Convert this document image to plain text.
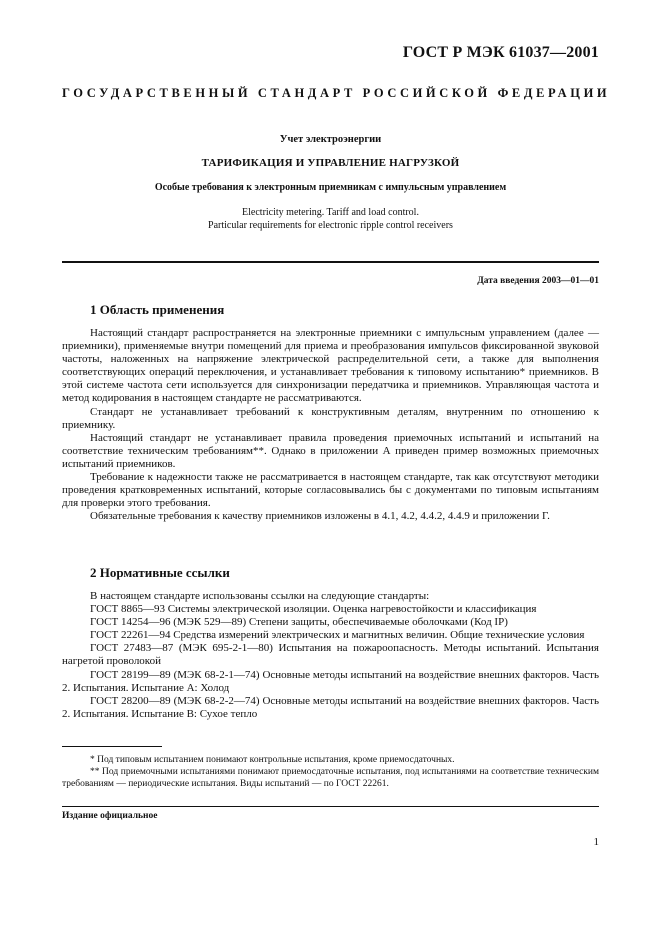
ГОСТ Р МЭК 61037—2001
ГОСУДАРСТВЕННЫЙ СТАНДАРТ РОССИЙСКОЙ ФЕДЕРАЦИИ
Учет электроэнергии
ТАРИФИКАЦИЯ И УПРАВЛЕНИЕ НАГРУЗКОЙ
Особые требования к электронным приемникам с импульсным управлением
Electricity metering. Tariff and load control.
Particular requirements for electronic ripple control receivers
Дата введения 2003—01—01
1 Область применения

Настоящий стандарт распространяется на электронные приемники с импульсным управлением (далее — приемники), применяемые внутри помещений для приема и преобразования импульсов фиксированной звуковой частоты, наложенных на напряжение электрической распределительной сети, а также для выполнения соответствующих операций переключения, и устанавливает требования к типовому испытанию* приемников. В этой системе частота сети используется для синхронизации передатчика и приемников. Управляющая частота и метод кодирования в настоящем стандарте не рассматриваются.

Стандарт не устанавливает требований к конструктивным деталям, внутренним по отношению к приемнику.

Настоящий стандарт не устанавливает правила проведения приемочных испытаний и испытаний на соответствие техническим требованиям**. Однако в приложении А приведен пример возможных приемочных испытаний приемников.

Требование к надежности также не рассматривается в настоящем стандарте, так как отсутствуют методики проведения кратковременных испытаний, которые согласовывались бы с документами по типовым испытаниям для проверки этого требования.

Обязательные требования к качеству приемников изложены в 4.1, 4.2, 4.4.2, 4.4.9 и приложении Г.

2 Нормативные ссылки

В настоящем стандарте использованы ссылки на следующие стандарты:

ГОСТ 8865—93 Системы электрической изоляции. Оценка нагревостойкости и классификация

ГОСТ 14254—96 (МЭК 529—89) Степени защиты, обеспечиваемые оболочками (Код IP)

ГОСТ 22261—94 Средства измерений электрических и магнитных величин. Общие технические условия

ГОСТ 27483—87 (МЭК 695-2-1—80) Испытания на пожароопасность. Методы испытаний. Испытания нагретой проволокой

ГОСТ 28199—89 (МЭК 68-2-1—74) Основные методы испытаний на воздействие внешних факторов. Часть 2. Испытания. Испытание А: Холод

ГОСТ 28200—89 (МЭК 68-2-2—74) Основные методы испытаний на воздействие внешних факторов. Часть 2. Испытания. Испытание В: Сухое тепло

* Под типовым испытанием понимают контрольные испытания, кроме приемосдаточных.

** Под приемочными испытаниями понимают приемосдаточные испытания, под испытаниями на соответствие техническим требованиям — периодические испытания. Виды испытаний — по ГОСТ 22261.

Издание официальное
1
